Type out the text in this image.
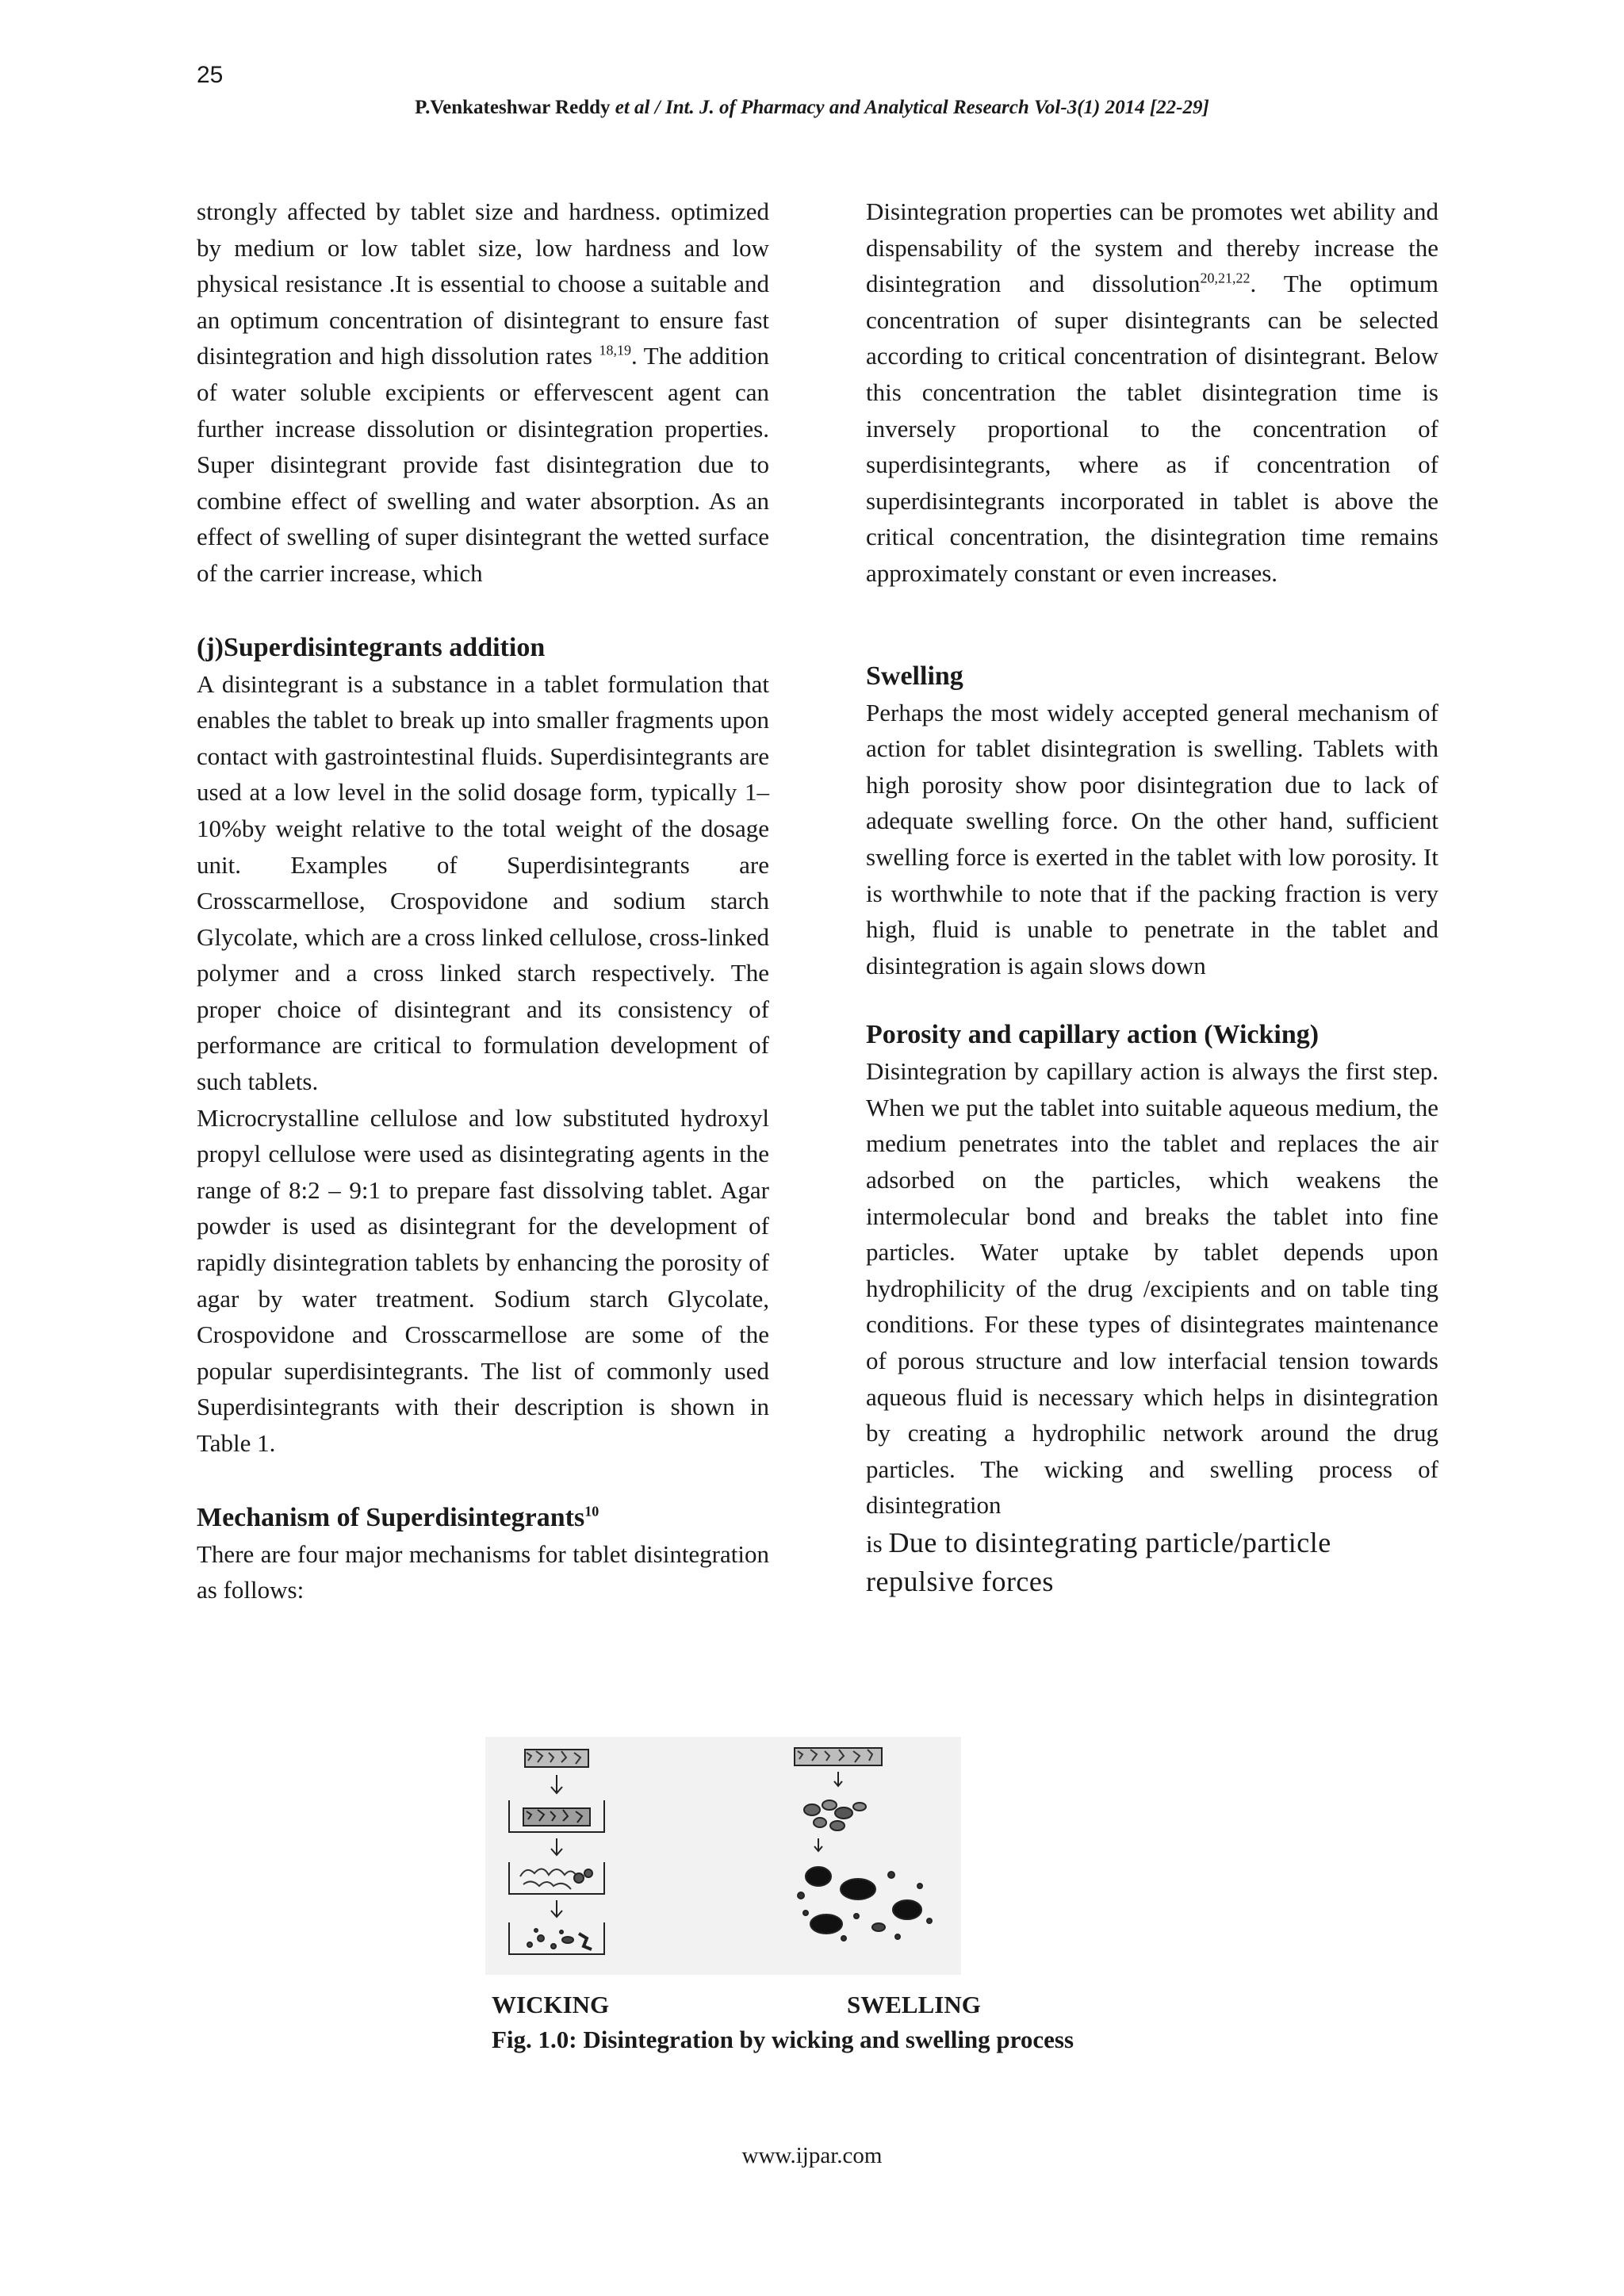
25
P.Venkateshwar Reddy et al / Int. J. of Pharmacy and Analytical Research Vol-3(1) 2014 [22-29]

strongly affected by tablet size and hardness. optimized by medium or low tablet size, low hardness and low physical resistance .It is essential to choose a suitable and an optimum concentration of disintegrant to ensure fast disintegration and high dissolution rates $^{18,19}$. The addition of water soluble excipients or effervescent agent can further increase dissolution or disintegration properties. Super disintegrant provide fast disintegration due to combine effect of swelling and water absorption. As an effect of swelling of super disintegrant the wetted surface of the carrier increase, which

(j)Superdisintegrants addition

A disintegrant is a substance in a tablet formulation that enables the tablet to break up into smaller fragments upon contact with gastrointestinal fluids. Superdisintegrants are used at a low level in the solid dosage form, typically 1–10%by weight relative to the total weight of the dosage unit. Examples of Superdisintegrants are Crosscarmellose, Crospovidone and sodium starch Glycolate, which are a cross linked cellulose, cross-linked polymer and a cross linked starch respectively. The proper choice of disintegrant and its consistency of performance are critical to formulation development of such tablets.

Microcrystalline cellulose and low substituted hydroxyl propyl cellulose were used as disintegrating agents in the range of 8:2 – 9:1 to prepare fast dissolving tablet. Agar powder is used as disintegrant for the development of rapidly disintegration tablets by enhancing the porosity of agar by water treatment. Sodium starch Glycolate, Crospovidone and Crosscarmellose are some of the popular superdisintegrants. The list of commonly used Superdisintegrants with their description is shown in Table 1.

Mechanism of Superdisintegrants$^{10}$

There are four major mechanisms for tablet disintegration as follows:

Disintegration properties can be promotes wet ability and dispensability of the system and thereby increase the disintegration and dissolution$^{20,21,22}$. The optimum concentration of super disintegrants can be selected according to critical concentration of disintegrant. Below this concentration the tablet disintegration time is inversely proportional to the concentration of superdisintegrants, where as if concentration of superdisintegrants incorporated in tablet is above the critical concentration, the disintegration time remains approximately constant or even increases.

Swelling

Perhaps the most widely accepted general mechanism of action for tablet disintegration is swelling. Tablets with high porosity show poor disintegration due to lack of adequate swelling force. On the other hand, sufficient swelling force is exerted in the tablet with low porosity. It is worthwhile to note that if the packing fraction is very high, fluid is unable to penetrate in the tablet and disintegration is again slows down

Porosity and capillary action (Wicking)

Disintegration by capillary action is always the first step. When we put the tablet into suitable aqueous medium, the medium penetrates into the tablet and replaces the air adsorbed on the particles, which weakens the intermolecular bond and breaks the tablet into fine particles. Water uptake by tablet depends upon hydrophilicity of the drug /excipients and on table ting conditions. For these types of disintegrates maintenance of porous structure and low interfacial tension towards aqueous fluid is necessary which helps in disintegration by creating a hydrophilic network around the drug particles. The wicking and swelling process of disintegration

is Due to disintegrating particle/particle repulsive forces

WICKING	SWELLING
Fig. 1.0: Disintegration by wicking and swelling process
www.ijpar.com
